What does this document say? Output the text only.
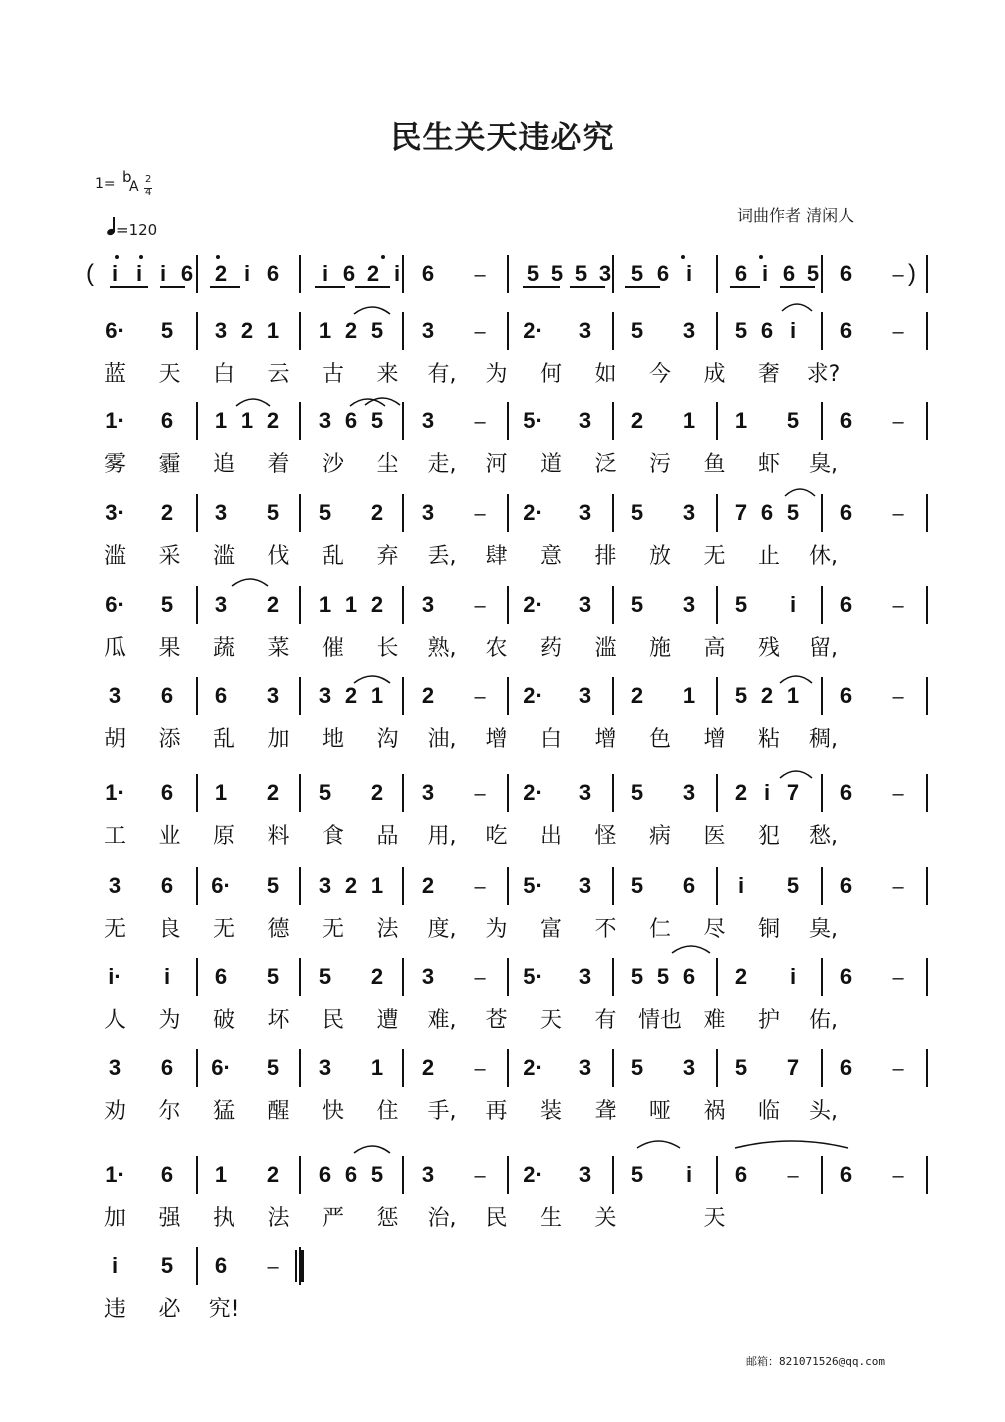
民生关天违必究
1= b
A 2
4
=120
词曲作者 清闲人
( i i i 6 2 i 6 i 6 2 i 6 – 5 5 5 3 5 6 i 6 i 6 5 6 – )
6· 5 3 2 1 1 2 5 3 – 2· 3 5 3 5 6 i 6 –
蓝 天 白 云 古 来 有, 为 何 如 今 成 奢 求?
1· 6 1 1 2 3 6 5 3 – 5· 3 2 1 1 5 6 –
雾 霾 追 着 沙 尘 走, 河 道 泛 污 鱼 虾 臭,
3· 2 3 5 5 2 3 – 2· 3 5 3 7 6 5 6 –
滥 采 滥 伐 乱 弃 丢, 肆 意 排 放 无 止 休,
6· 5 3 2 1 1 2 3 – 2· 3 5 3 5 i 6 –
瓜 果 蔬 菜 催 长 熟, 农 药 滥 施 高 残 留,
3 6 6 3 3 2 1 2 – 2· 3 2 1 5 2 1 6 –
胡 添 乱 加 地 沟 油, 增 白 增 色 增 粘 稠,
1· 6 1 2 5 2 3 – 2· 3 5 3 2 i 7 6 –
工 业 原 料 食 品 用, 吃 出 怪 病 医 犯 愁,
3 6 6· 5 3 2 1 2 – 5· 3 5 6 i 5 6 –
无 良 无 德 无 法 度, 为 富 不 仁 尽 铜 臭,
i· i 6 5 5 2 3 – 5· 3 5 5 6 2 i 6 –
人 为 破 坏 民 遭 难, 苍 天 有 情也 难 护 佑,
3 6 6· 5 3 1 2 – 2· 3 5 3 5 7 6 –
劝 尔 猛 醒 快 住 手, 再 装 聋 哑 祸 临 头,
1· 6 1 2 6 6 5 3 – 2· 3 5 i 6 – 6 –
加 强 执 法 严 惩 治, 民 生 关	天
i 5 6 –
违 必 究!
邮箱：821071526@qq.com
